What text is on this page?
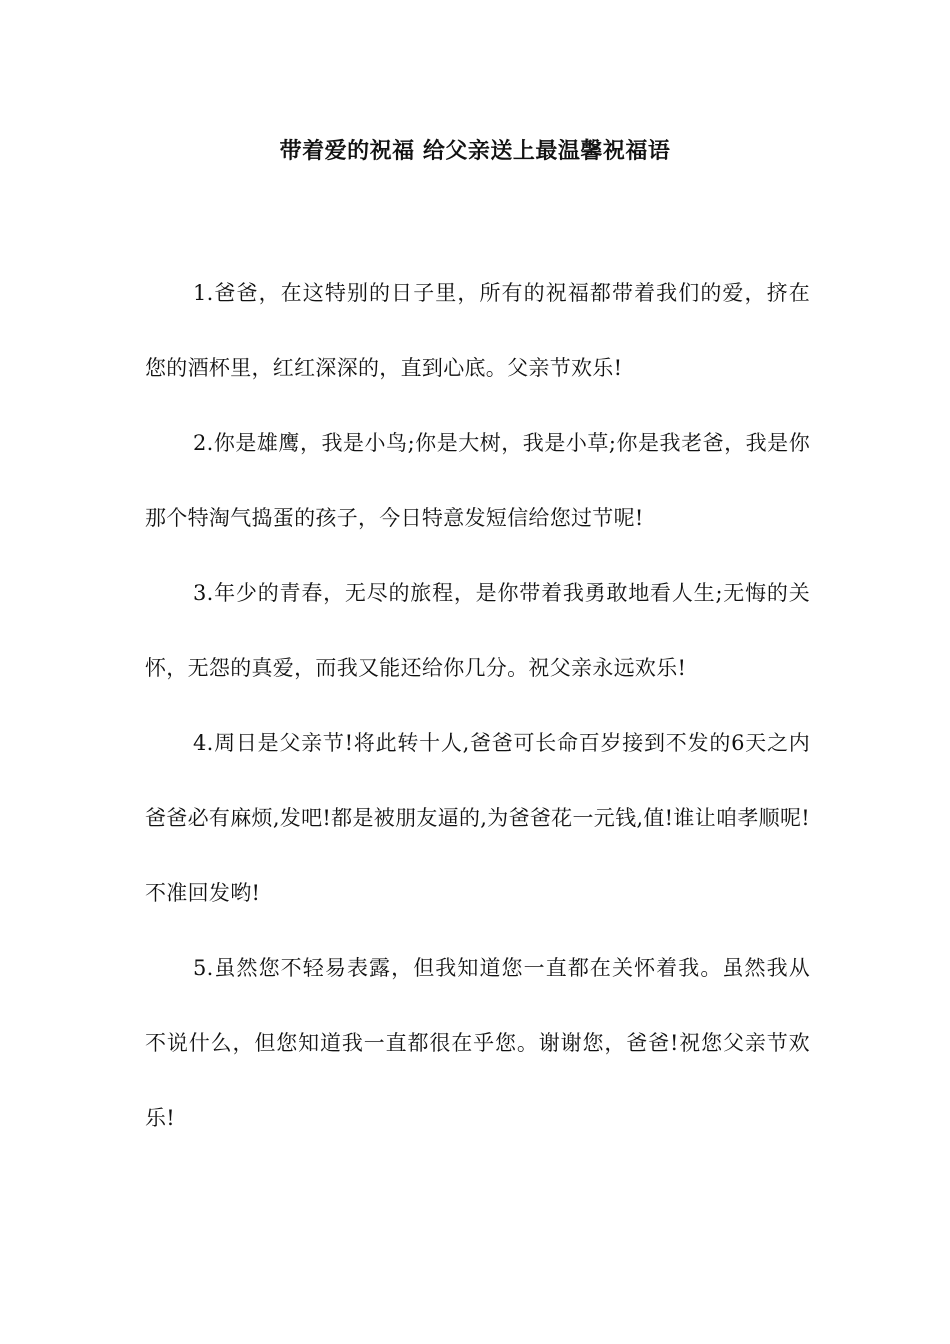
带着爱的祝福 给父亲送上最温馨祝福语

1.爸爸，在这特别的日子里，所有的祝福都带着我们的爱，挤在您的酒杯里，红红深深的，直到心底。父亲节欢乐!

2.你是雄鹰，我是小鸟;你是大树，我是小草;你是我老爸，我是你那个特淘气捣蛋的孩子，今日特意发短信给您过节呢!

3.年少的青春，无尽的旅程，是你带着我勇敢地看人生;无悔的关怀，无怨的真爱，而我又能还给你几分。祝父亲永远欢乐!

4.周日是父亲节!将此转十人,爸爸可长命百岁接到不发的6天之内爸爸必有麻烦,发吧!都是被朋友逼的,为爸爸花一元钱,值!谁让咱孝顺呢!不准回发哟!

5.虽然您不轻易表露，但我知道您一直都在关怀着我。虽然我从不说什么，但您知道我一直都很在乎您。谢谢您，爸爸!祝您父亲节欢乐!
